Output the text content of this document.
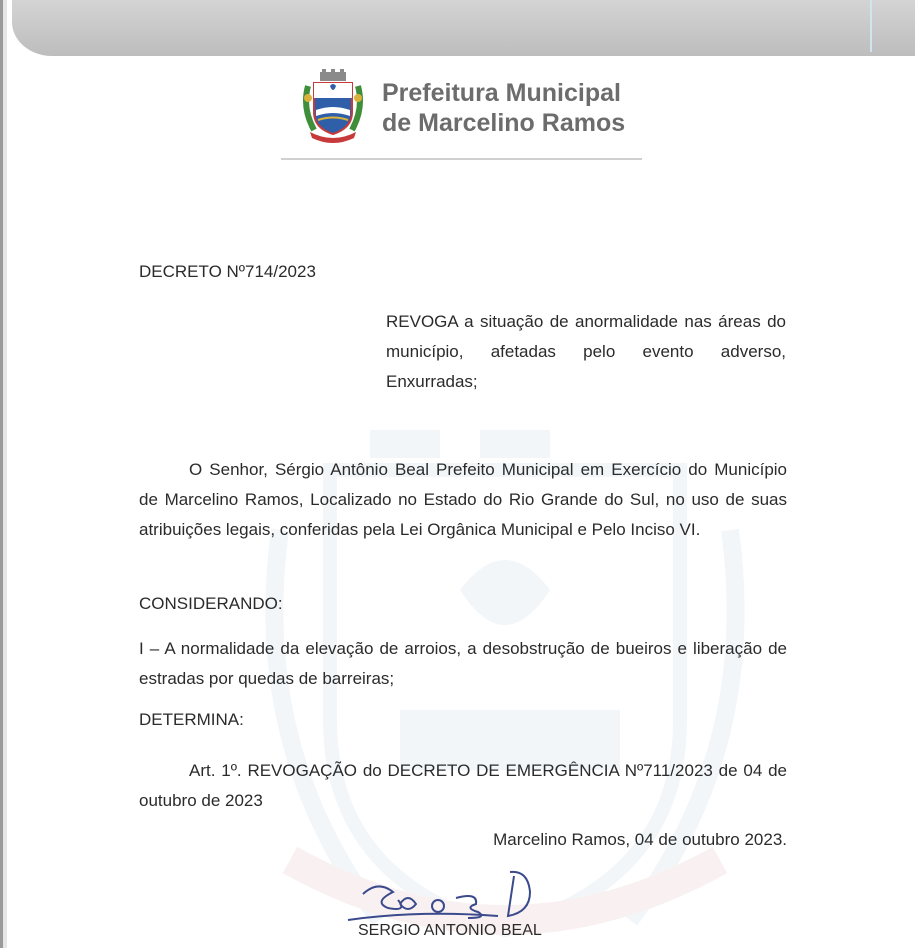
Prefeitura Municipal
de Marcelino Ramos
DECRETO Nº714/2023
REVOGA a situação de anormalidade nas áreas do município, afetadas pelo evento adverso, Enxurradas;
O Senhor, Sérgio Antônio Beal Prefeito Municipal em Exercício do Município de Marcelino Ramos, Localizado no Estado do Rio Grande do Sul, no uso de suas atribuições legais, conferidas pela Lei Orgânica Municipal e Pelo Inciso VI.
CONSIDERANDO:
I – A normalidade da elevação de arroios, a desobstrução de bueiros e liberação de estradas por quedas de barreiras;
DETERMINA:
Art. 1º. REVOGAÇÃO do DECRETO DE EMERGÊNCIA Nº711/2023 de 04 de outubro de 2023
Marcelino Ramos, 04 de outubro 2023.
SERGIO ANTONIO BEAL
